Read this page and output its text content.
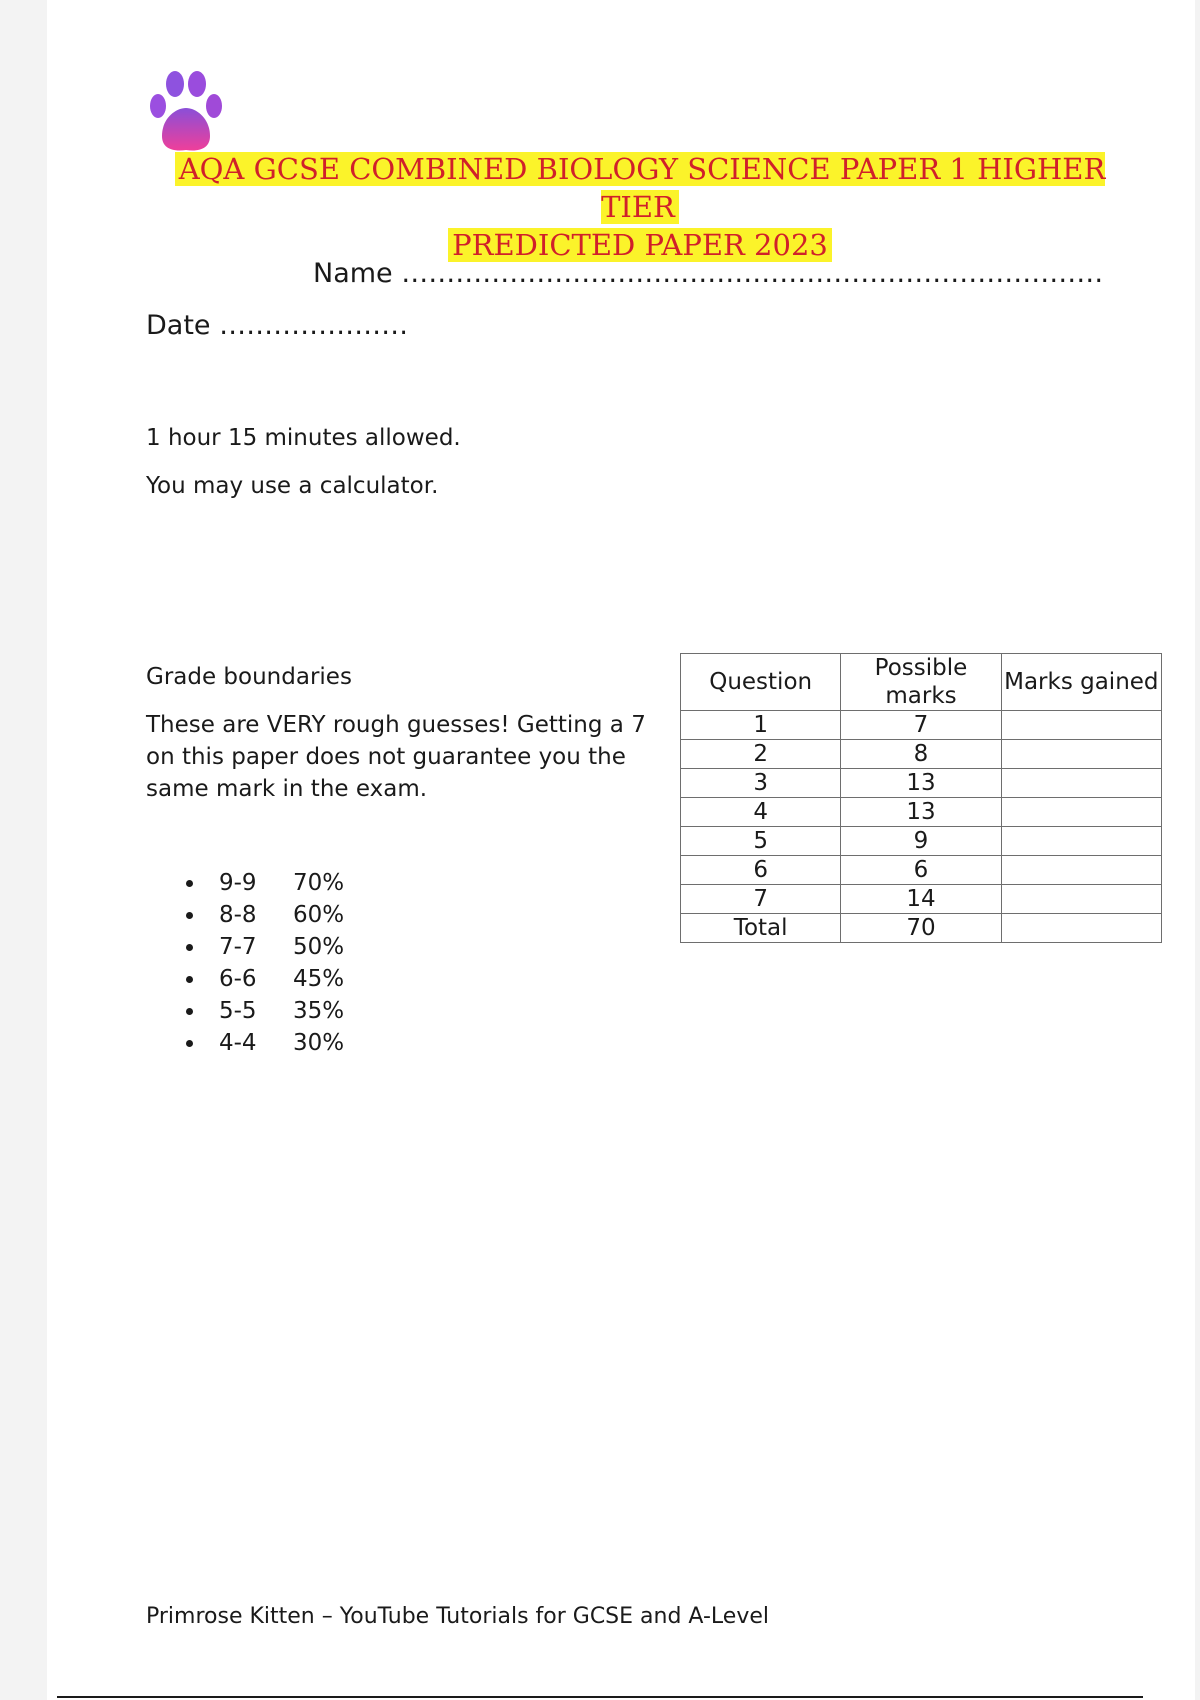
AQA GCSE COMBINED BIOLOGY SCIENCE PAPER 1 HIGHER TIER
PREDICTED PAPER 2023
Name ……………………………………………………………………
Date …………………
1 hour 15 minutes allowed.
You may use a calculator.
Grade boundaries
These are VERY rough guesses! Getting a 7 on this paper does not guarantee you the same mark in the exam.
9-9 70%
8-8 60%
7-7 50%
6-6 45%
5-5 35%
4-4 30%
Question	Possible marks	Marks gained
1	7	
2	8	
3	13	
4	13	
5	9	
6	6	
7	14	
Total	70	
Primrose Kitten – YouTube Tutorials for GCSE and A-Level
